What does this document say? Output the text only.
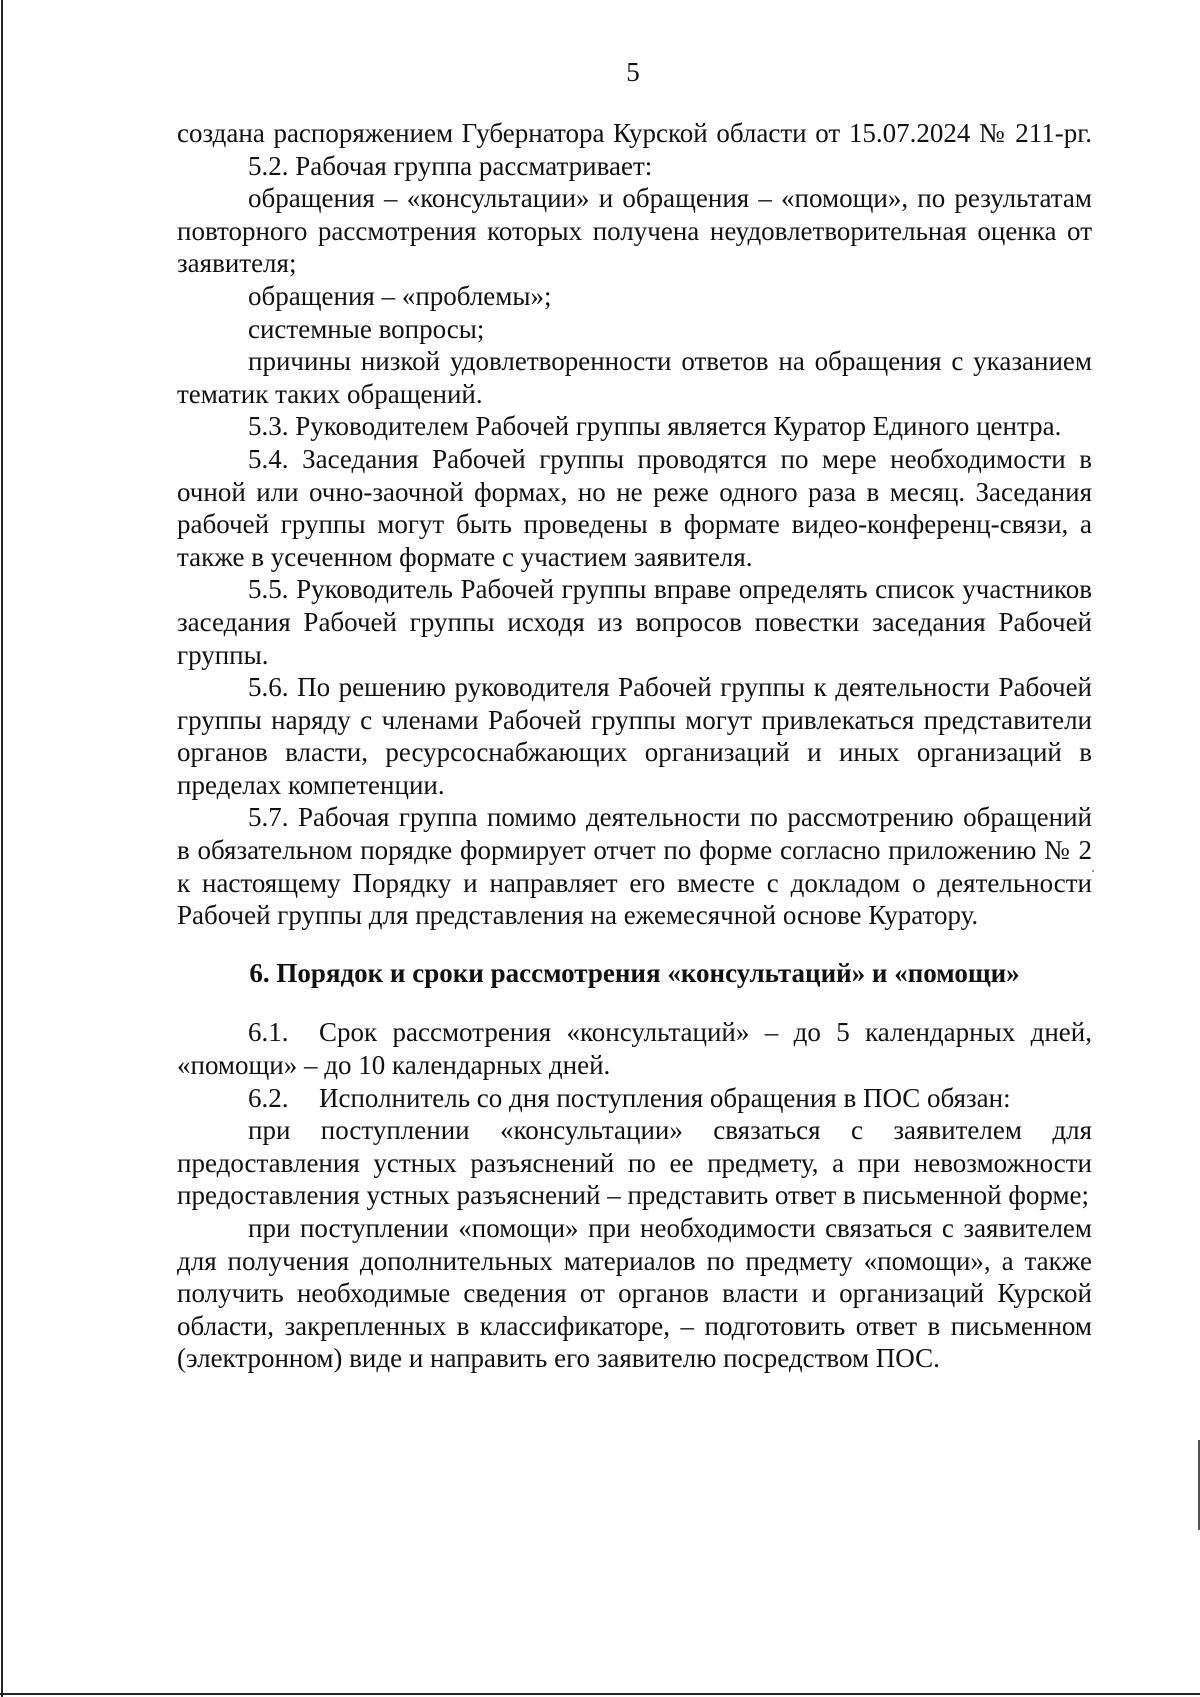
5

создана распоряжением Губернатора Курской области от 15.07.2024 № 211-рг.

5.2. Рабочая группа рассматривает:

обращения – «консультации» и обращения – «помощи», по результатам повторного рассмотрения которых получена неудовлетворительная оценка от заявителя;

обращения – «проблемы»;

системные вопросы;

причины низкой удовлетворенности ответов на обращения с указанием тематик таких обращений.

5.3. Руководителем Рабочей группы является Куратор Единого центра.

5.4. Заседания Рабочей группы проводятся по мере необходимости в очной или очно-заочной формах, но не реже одного раза в месяц. Заседания рабочей группы могут быть проведены в формате видео-конференц-связи, а также в усеченном формате с участием заявителя.

5.5. Руководитель Рабочей группы вправе определять список участников заседания Рабочей группы исходя из вопросов повестки заседания Рабочей группы.

5.6. По решению руководителя Рабочей группы к деятельности Рабочей группы наряду с членами Рабочей группы могут привлекаться представители органов власти, ресурсоснабжающих организаций и иных организаций в пределах компетенции.

5.7. Рабочая группа помимо деятельности по рассмотрению обращений в обязательном порядке формирует отчет по форме согласно приложению № 2 к настоящему Порядку и направляет его вместе с докладом о деятельности Рабочей группы для представления на ежемесячной основе Куратору.

6. Порядок и сроки рассмотрения «консультаций» и «помощи»

6.1. Срок рассмотрения «консультаций» – до 5 календарных дней, «помощи» – до 10 календарных дней.

6.2. Исполнитель со дня поступления обращения в ПОС обязан:

при поступлении «консультации» связаться с заявителем для предоставления устных разъяснений по ее предмету, а при невозможности предоставления устных разъяснений – представить ответ в письменной форме;

при поступлении «помощи» при необходимости связаться с заявителем для получения дополнительных материалов по предмету «помощи», а также получить необходимые сведения от органов власти и организаций Курской области, закрепленных в классификаторе, – подготовить ответ в письменном (электронном) виде и направить его заявителю посредством ПОС.
